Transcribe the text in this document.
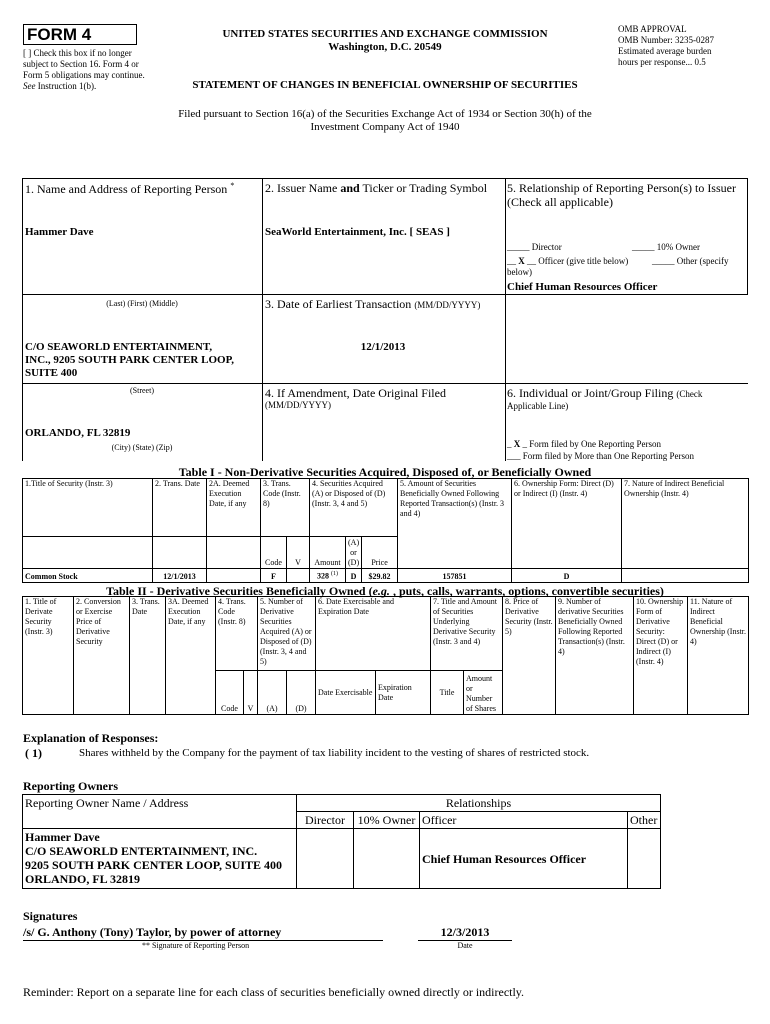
FORM 4
[ ] Check this box if no longer subject to Section 16. Form 4 or Form 5 obligations may continue. See Instruction 1(b).
UNITED STATES SECURITIES AND EXCHANGE COMMISSION
Washington, D.C. 20549
STATEMENT OF CHANGES IN BENEFICIAL OWNERSHIP OF SECURITIES
OMB APPROVAL
OMB Number: 3235-0287
Estimated average burden
hours per response... 0.5
Filed pursuant to Section 16(a) of the Securities Exchange Act of 1934 or Section 30(h) of the
Investment Company Act of 1940
1. Name and Address of Reporting Person *
Hammer Dave
(Last) (First) (Middle)
C/O SEAWORLD ENTERTAINMENT,
INC., 9205 SOUTH PARK CENTER LOOP,
SUITE 400
(Street)
ORLANDO, FL 32819
(City) (State) (Zip)
2. Issuer Name and Ticker or Trading Symbol
SeaWorld Entertainment, Inc. [ SEAS ]
3. Date of Earliest Transaction (MM/DD/YYYY)
12/1/2013
4. If Amendment, Date Original Filed
(MM/DD/YYYY)
5. Relationship of Reporting Person(s) to Issuer
(Check all applicable)
_____ Director	_____ 10% Owner
__ X __ Officer (give title below)	_____ Other (specify
below)
Chief Human Resources Officer
6. Individual or Joint/Group Filing (Check
Applicable Line)
_ X _ Form filed by One Reporting Person
___ Form filed by More than One Reporting Person
Table I - Non-Derivative Securities Acquired, Disposed of, or Beneficially Owned
1.Title of Security (Instr. 3)	2. Trans. Date	2A. Deemed Execution Date, if any	3. Trans. Code (Instr. 8)		4. Securities Acquired (A) or Disposed of (D) (Instr. 3, 4 and 5)			5. Amount of Securities Beneficially Owned Following Reported Transaction(s) (Instr. 3 and 4)	6. Ownership Form: Direct (D) or Indirect (I) (Instr. 4)	7. Nature of Indirect Beneficial Ownership (Instr. 4)
			Code	V	Amount	(A) or (D)	Price			
Common Stock	12/1/2013		F		328 $^{(1)}$	D	$29.82	157851	D	
Table II - Derivative Securities Beneficially Owned (e.g. , puts, calls, warrants, options, convertible securities)
1. Title of Derivate Security (Instr. 3)	2. Conversion or Exercise Price of Derivative Security	3. Trans. Date	3A. Deemed Execution Date, if any	4. Trans. Code (Instr. 8)		5. Number of Derivative Securities Acquired (A) or Disposed of (D) (Instr. 3, 4 and 5)		6. Date Exercisable and Expiration Date		7. Title and Amount of Securities Underlying Derivative Security (Instr. 3 and 4)		8. Price of Derivative Security (Instr. 5)	9. Number of derivative Securities Beneficially Owned Following Reported Transaction(s) (Instr. 4)	10. Ownership Form of Derivative Security: Direct (D) or Indirect (I) (Instr. 4)	11. Nature of Indirect Beneficial Ownership (Instr. 4)
				Code	V	(A)	(D)	Date Exercisable	Expiration Date	Title	Amount or Number of Shares				
Explanation of Responses:
( 1)	Shares withheld by the Company for the payment of tax liability incident to the vesting of shares of restricted stock.
Reporting Owners
Reporting Owner Name / Address	Relationships			
	Director	10% Owner	Officer	Other

Hammer Dave
C/O SEAWORLD ENTERTAINMENT, INC.
9205 SOUTH PARK CENTER LOOP, SUITE 400
ORLANDO, FL 32819			Chief Human Resources Officer	
Signatures
/s/ G. Anthony (Tony) Taylor, by power of attorney	12/3/2013
** Signature of Reporting Person	Date
Reminder: Report on a separate line for each class of securities beneficially owned directly or indirectly.
